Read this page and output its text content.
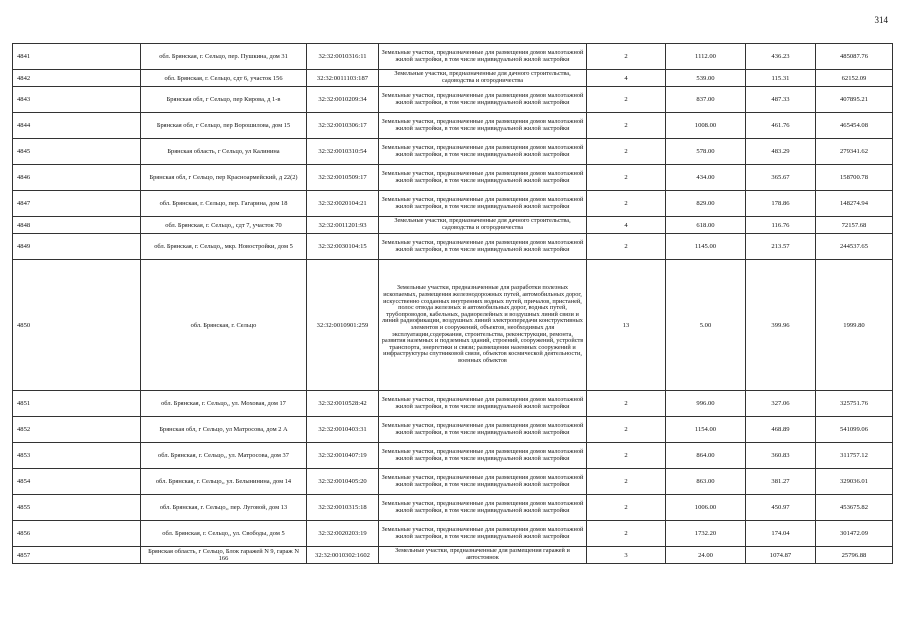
314
4841	обл. Брянская, г. Сельцо, пер. Пушкина, дом 31	32:32:0010316:11	Земельные участки, предназначенные для размещения домов малоэтажной жилой застройки, в том числе индивидуальной жилой застройки	2	1112.00	436.23	485087.76
4842	обл. Брянская, г. Сельцо, сдт 6, участок 156	32:32:0011103:187	Земельные участки, предназначенные для дачного строительства, садоводства и огородничества	4	539.00	115.31	62152.09
4843	Брянская обл, г Сельцо, пер Кирова, д 1-в	32:32:0010209:34	Земельные участки, предназначенные для размещения домов малоэтажной жилой застройки, в том числе индивидуальной жилой застройки	2	837.00	487.33	407895.21
4844	Брянская обл, г Сельцо, пер Ворошилова, дом 15	32:32:0010306:17	Земельные участки, предназначенные для размещения домов малоэтажной жилой застройки, в том числе индивидуальной жилой застройки	2	1008.00	461.76	465454.08
4845	Брянская область, г Сельцо, ул Калинина	32:32:0010310:54	Земельные участки, предназначенные для размещения домов малоэтажной жилой застройки, в том числе индивидуальной жилой застройки	2	578.00	483.29	279341.62
4846	Брянская обл, г Сельцо, пер Красноармейский, д 22(2)	32:32:0010509:17	Земельные участки, предназначенные для размещения домов малоэтажной жилой застройки, в том числе индивидуальной жилой застройки	2	434.00	365.67	158700.78
4847	обл. Брянская, г. Сельцо, пер. Гагарина, дом 18	32:32:0020104:21	Земельные участки, предназначенные для размещения домов малоэтажной жилой застройки, в том числе индивидуальной жилой застройки	2	829.00	178.86	148274.94
4848	обл. Брянская, г. Сельцо,, сдт 7, участок 70	32:32:0011201:93	Земельные участки, предназначенные для дачного строительства, садоводства и огородничества	4	618.00	116.76	72157.68
4849	обл. Брянская, г. Сельцо,, мкр. Новостройки, дом 5	32:32:0030104:15	Земельные участки, предназначенные для размещения домов малоэтажной жилой застройки, в том числе индивидуальной жилой застройки	2	1145.00	213.57	244537.65
4850	обл. Брянская, г. Сельцо	32:32:0010901:259	Земельные участки, предназначенные для разработки полезных ископаемых, размещения железнодорожных путей, автомобильных дорог, искусственно созданных внутренних водных путей, причалов, пристаней, полос отвода железных и автомобильных дорог, водных путей, трубопроводов, кабельных, радиорелейных и воздушных линий связи и линий радиофикации, воздушных линий электропередачи конструктивных элементов и сооружений, объектов, необходимых для эксплуатации,содержания, строительства, реконструкции, ремонта, развития наземных и подземных зданий, строений, сооружений, устройств транспорта, энергетики и связи; размещения наземных сооружений и инфраструктуры спутниковой связи, объектов космической деятельности, военных объектов	13	5.00	399.96	1999.80
4851	обл. Брянская, г. Сельцо,, ул. Моховая, дом 17	32:32:0010528:42	Земельные участки, предназначенные для размещения домов малоэтажной жилой застройки, в том числе индивидуальной жилой застройки	2	996.00	327.06	325751.76
4852	Брянская обл, г Сельцо, ул Матросова, дом 2 А	32:32:0010403:31	Земельные участки, предназначенные для размещения домов малоэтажной жилой застройки, в том числе индивидуальной жилой застройки	2	1154.00	468.89	541099.06
4853	обл. Брянская, г. Сельцо,, ул. Матросова, дом 37	32:32:0010407:19	Земельные участки, предназначенные для размещения домов малоэтажной жилой застройки, в том числе индивидуальной жилой застройки	2	864.00	360.83	311757.12
4854	обл. Брянская, г. Сельцо,, ул. Белынинина, дом 14	32:32:0010405:20	Земельные участки, предназначенные для размещения домов малоэтажной жилой застройки, в том числе индивидуальной жилой застройки	2	863.00	381.27	329036.01
4855	обл. Брянская, г. Сельцо,, пер. Луговой, дом 13	32:32:0010315:18	Земельные участки, предназначенные для размещения домов малоэтажной жилой застройки, в том числе индивидуальной жилой застройки	2	1006.00	450.97	453675.82
4856	обл. Брянская, г. Сельцо,, ул. Свободы, дом 5	32:32:0020203:19	Земельные участки, предназначенные для размещения домов малоэтажной жилой застройки, в том числе индивидуальной жилой застройки	2	1732.20	174.04	301472.09
4857	Брянская область, г Сельцо, Блок гаражей N 9, гараж N 166	32:32:0010302:1602	Земельные участки, предназначенные для размещения гаражей и автостоянок	3	24.00	1074.87	25796.88
